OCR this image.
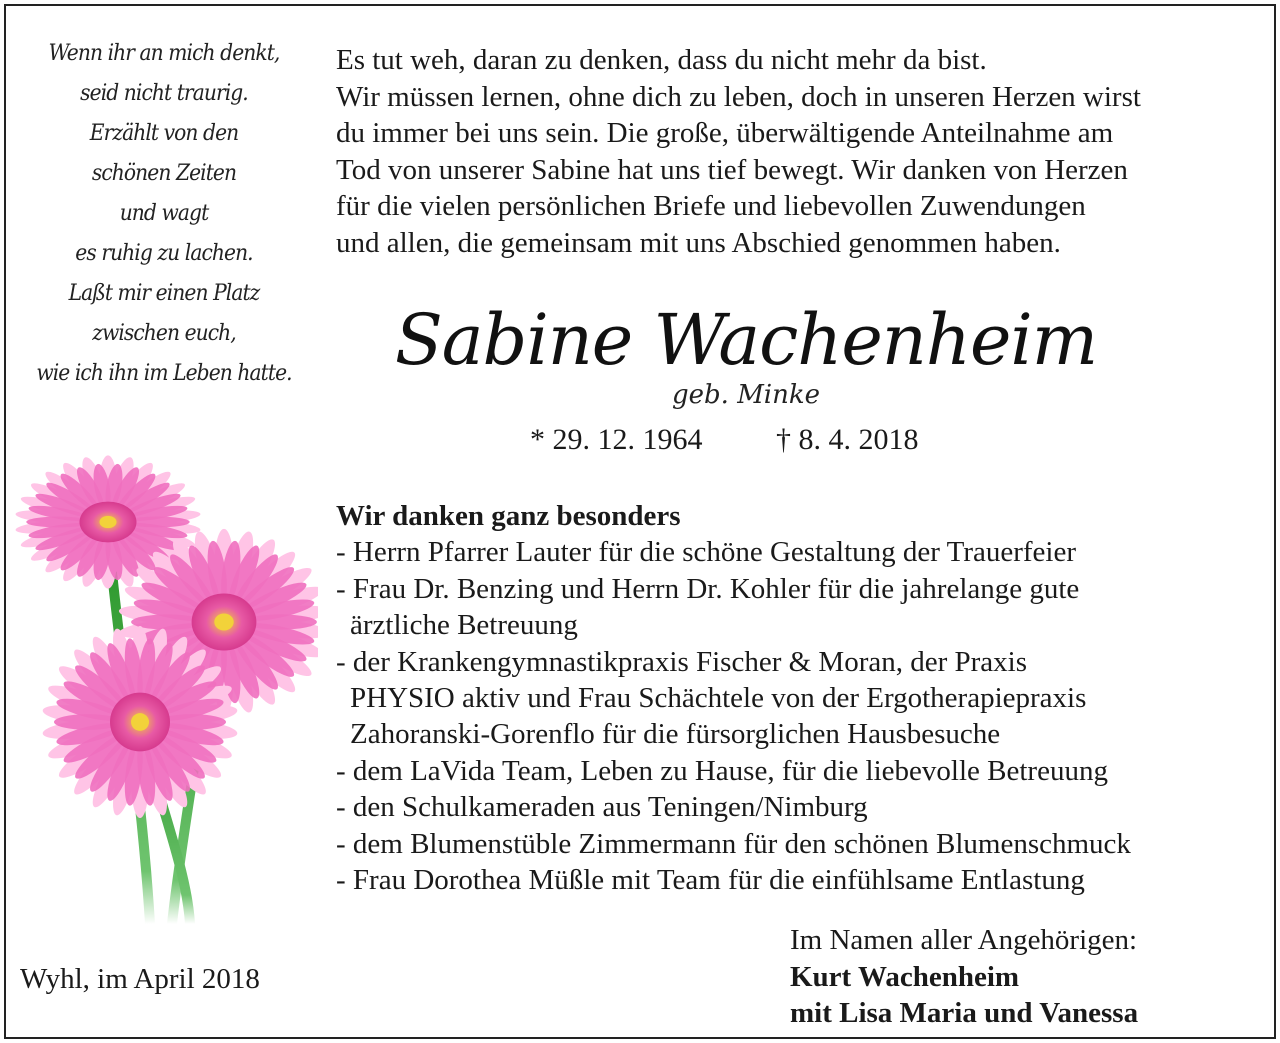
Wenn ihr an mich denkt,
seid nicht traurig.
Erzählt von den
schönen Zeiten
und wagt
es ruhig zu lachen.
Laßt mir einen Platz
zwischen euch,
wie ich ihn im Leben hatte.
Es tut weh, daran zu denken, dass du nicht mehr da bist.
Wir müssen lernen, ohne dich zu leben, doch in unseren Herzen wirst
du immer bei uns sein. Die große, überwältigende Anteilnahme am
Tod von unserer Sabine hat uns tief bewegt. Wir danken von Herzen
für die vielen persönlichen Briefe und liebevollen Zuwendungen
und allen, die gemeinsam mit uns Abschied genommen haben.
Sabine Wachenheim
geb. Minke
* 29. 12. 1964 † 8. 4. 2018
Wir danken ganz besonders
- Herrn Pfarrer Lauter für die schöne Gestaltung der Trauerfeier
- Frau Dr. Benzing und Herrn Dr. Kohler für die jahrelange gute
ärztliche Betreuung
- der Krankengymnastikpraxis Fischer & Moran, der Praxis
PHYSIO aktiv und Frau Schächtele von der Ergotherapiepraxis
Zahoranski-Gorenflo für die fürsorglichen Hausbesuche
- dem LaVida Team, Leben zu Hause, für die liebevolle Betreuung
- den Schulkameraden aus Teningen/Nimburg
- dem Blumenstüble Zimmermann für den schönen Blumenschmuck
- Frau Dorothea Müßle mit Team für die einfühlsame Entlastung
Wyhl, im April 2018
Im Namen aller Angehörigen:
Kurt Wachenheim
mit Lisa Maria und Vanessa
